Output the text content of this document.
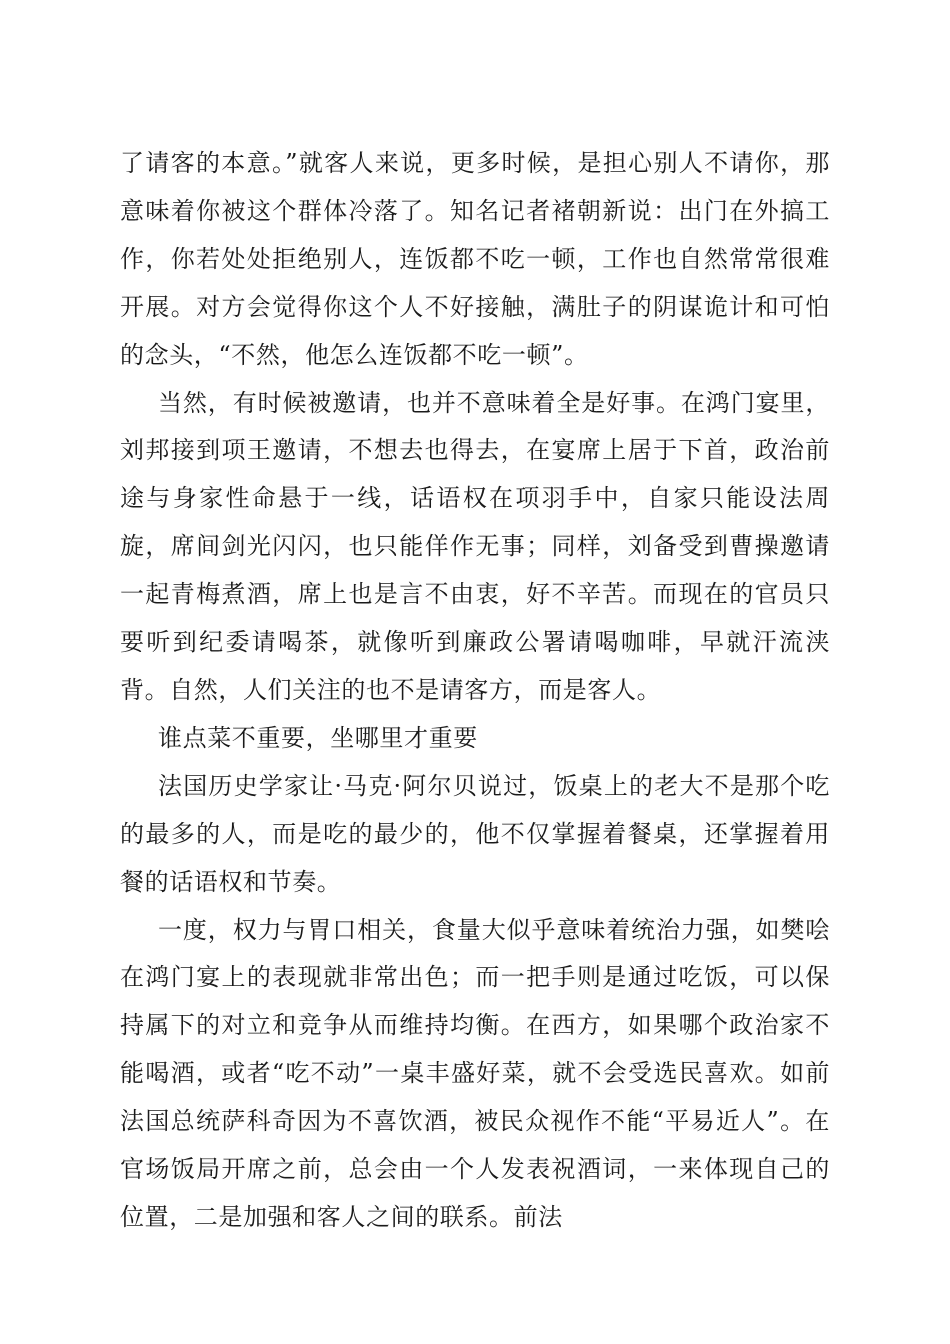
了请客的本意。”就客人来说，更多时候，是担心别人不请你，那意味着你被这个群体冷落了。知名记者褚朝新说：出门在外搞工作，你若处处拒绝别人，连饭都不吃一顿，工作也自然常常很难开展。对方会觉得你这个人不好接触，满肚子的阴谋诡计和可怕的念头，“不然，他怎么连饭都不吃一顿”。

当然，有时候被邀请，也并不意味着全是好事。在鸿门宴里，刘邦接到项王邀请，不想去也得去，在宴席上居于下首，政治前途与身家性命悬于一线，话语权在项羽手中，自家只能设法周旋，席间剑光闪闪，也只能佯作无事；同样，刘备受到曹操邀请一起青梅煮酒，席上也是言不由衷，好不辛苦。而现在的官员只要听到纪委请喝茶，就像听到廉政公署请喝咖啡，早就汗流浃背。自然，人们关注的也不是请客方，而是客人。

谁点菜不重要，坐哪里才重要

法国历史学家让·马克·阿尔贝说过，饭桌上的老大不是那个吃的最多的人，而是吃的最少的，他不仅掌握着餐桌，还掌握着用餐的话语权和节奏。

一度，权力与胃口相关，食量大似乎意味着统治力强，如樊哙在鸿门宴上的表现就非常出色；而一把手则是通过吃饭，可以保持属下的对立和竞争从而维持均衡。在西方，如果哪个政治家不能喝酒，或者“吃不动”一桌丰盛好菜，就不会受选民喜欢。如前法国总统萨科奇因为不喜饮酒，被民众视作不能“平易近人”。在官场饭局开席之前，总会由一个人发表祝酒词，一来体现自己的位置，二是加强和客人之间的联系。前法
